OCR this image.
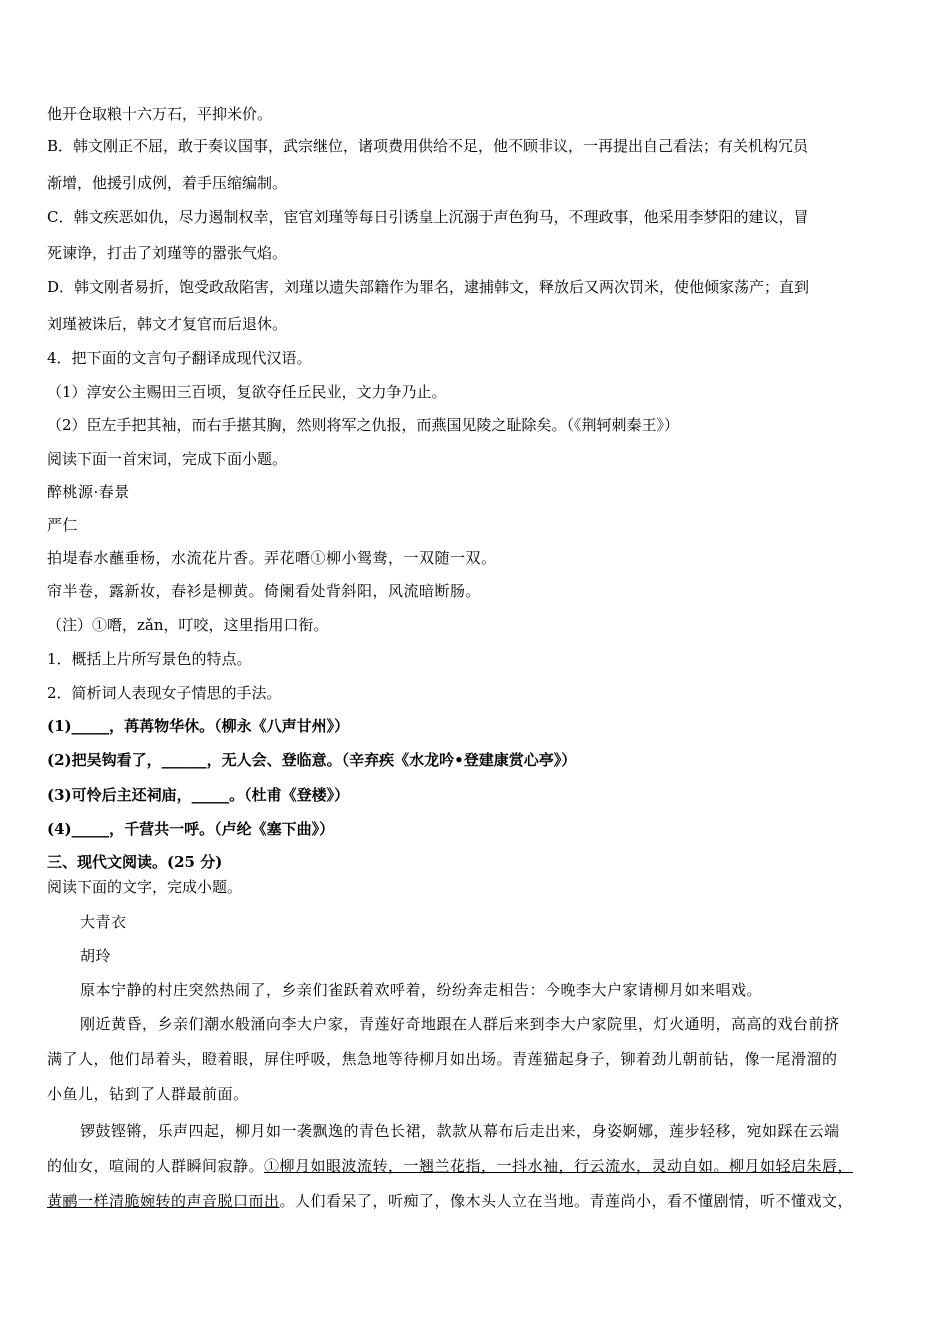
他开仓取粮十六万石，平抑米价。
B．韩文刚正不屈，敢于奏议国事，武宗继位，诸项费用供给不足，他不顾非议，一再提出自己看法；有关机构冗员
渐增，他援引成例，着手压缩编制。
C．韩文疾恶如仇，尽力遏制权幸，宦官刘瑾等每日引诱皇上沉溺于声色狗马，不理政事，他采用李梦阳的建议，冒
死谏诤，打击了刘瑾等的嚣张气焰。
D．韩文刚者易折，饱受政敌陷害，刘瑾以遗失部籍作为罪名，逮捕韩文，释放后又两次罚米，使他倾家荡产；直到
刘瑾被诛后，韩文才复官而后退休。
4．把下面的文言句子翻译成现代汉语。
（1）淳安公主赐田三百顷，复欲夺任丘民业，文力争乃止。
（2）臣左手把其袖，而右手揕其胸，然则将军之仇报，而燕国见陵之耻除矣。（《荆轲刺秦王》）
阅读下面一首宋词，完成下面小题。
醉桃源·春景
严仁
拍堤春水蘸垂杨，水流花片香。弄花噆①柳小鸳鸯，一双随一双。
帘半卷，露新妆，春衫是柳黄。倚阑看处背斜阳，风流暗断肠。
（注）①噆，zǎn，叮咬，这里指用口衔。
1．概括上片所写景色的特点。
2．简析词人表现女子情思的手法。
(1)_____，苒苒物华休。（柳永《八声甘州》）
(2)把吴钩看了，______，无人会、登临意。（辛弃疾《水龙吟•登建康赏心亭》）
(3)可怜后主还祠庙，_____。（杜甫《登楼》）
(4)_____，千营共一呼。（卢纶《塞下曲》）
三、现代文阅读。(25 分)
阅读下面的文字，完成小题。
大青衣
胡玲
原本宁静的村庄突然热闹了，乡亲们雀跃着欢呼着，纷纷奔走相告：今晚李大户家请柳月如来唱戏。
刚近黄昏，乡亲们潮水般涌向李大户家，青莲好奇地跟在人群后来到李大户家院里，灯火通明，高高的戏台前挤
满了人，他们昂着头，瞪着眼，屏住呼吸，焦急地等待柳月如出场。青莲猫起身子，铆着劲儿朝前钻，像一尾滑溜的
小鱼儿，钻到了人群最前面。
锣鼓铿锵，乐声四起，柳月如一袭飘逸的青色长裙，款款从幕布后走出来，身姿婀娜，莲步轻移，宛如踩在云端
的仙女，喧闹的人群瞬间寂静。①柳月如眼波流转，一翘兰花指，一抖水袖，行云流水，灵动自如。柳月如轻启朱唇，
黄鹂一样清脆婉转的声音脱口而出。人们看呆了，听痴了，像木头人立在当地。青莲尚小，看不懂剧情，听不懂戏文，
